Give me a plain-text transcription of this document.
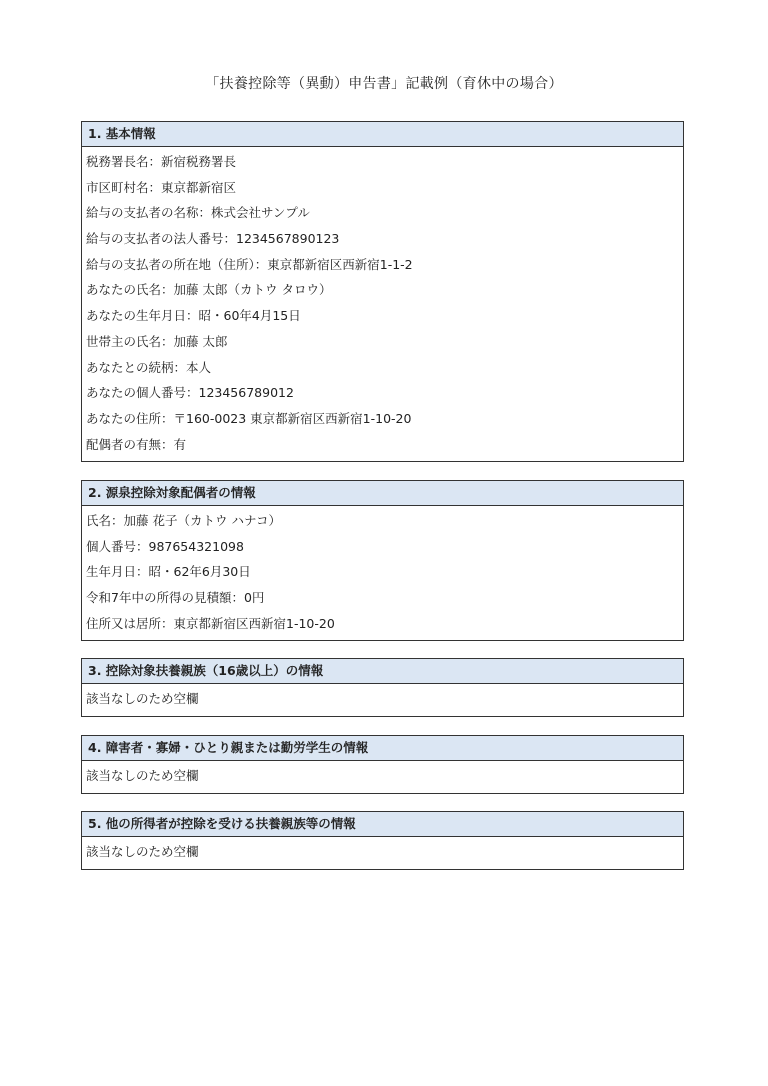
「扶養控除等（異動）申告書」記載例（育休中の場合）
1. 基本情報
税務署長名：新宿税務署長
市区町村名：東京都新宿区
給与の支払者の名称：株式会社サンプル
給与の支払者の法人番号：1234567890123
給与の支払者の所在地（住所）：東京都新宿区西新宿1-1-2
あなたの氏名：加藤 太郎（カトウ タロウ）
あなたの生年月日：昭・60年4月15日
世帯主の氏名：加藤 太郎
あなたとの続柄：本人
あなたの個人番号：123456789012
あなたの住所：〒160-0023 東京都新宿区西新宿1-10-20
配偶者の有無：有
2. 源泉控除対象配偶者の情報
氏名：加藤 花子（カトウ ハナコ）
個人番号：987654321098
生年月日：昭・62年6月30日
令和7年中の所得の見積額：0円
住所又は居所：東京都新宿区西新宿1-10-20
3. 控除対象扶養親族（16歳以上）の情報
該当なしのため空欄
4. 障害者・寡婦・ひとり親または勤労学生の情報
該当なしのため空欄
5. 他の所得者が控除を受ける扶養親族等の情報
該当なしのため空欄
